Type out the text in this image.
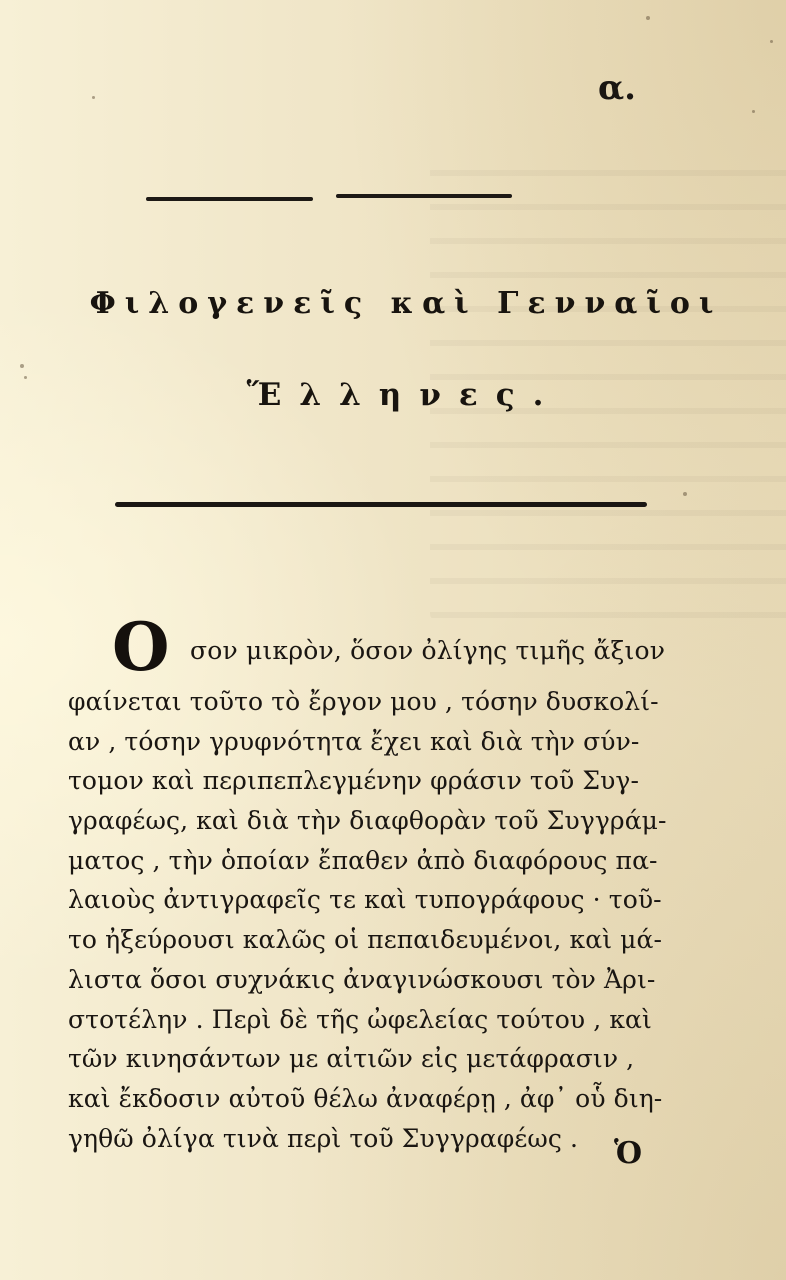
α.
Φιλογενεῖς καὶ Γενναῖοι
Ἕλληνες.
Ο σον μικρὸν, ὅσον ὀλίγης τιμῆς ἄξιον
φαίνεται τοῦτο τὸ ἔργον μου , τόσην δυσκολί-
αν , τόσην γρυφνότητα ἔχει καὶ διὰ τὴν σύν-
τομον καὶ περιπεπλεγμένην φράσιν τοῦ Συγ-
γραφέως, καὶ διὰ τὴν διαφθορὰν τοῦ Συγγράμ-
ματος , τὴν ὁποίαν ἔπαθεν ἀπὸ διαφόρους πα-
λαιοὺς ἀντιγραφεῖς τε καὶ τυπογράφους · τοῦ-
το ἠξεύρουσι καλῶς οἱ πεπαιδευμένοι, καὶ μά-
λιστα ὅσοι συχνάκις ἀναγινώσκουσι τὸν Ἀρι-
στοτέλην . Περὶ δὲ τῆς ὠφελείας τούτου , καὶ
τῶν κινησάντων με αἰτιῶν εἰς μετάφρασιν ,
καὶ ἔκδοσιν αὐτοῦ θέλω ἀναφέρῃ , ἀφ᾽ οὗ διη-
γηθῶ ὀλίγα τινὰ περὶ τοῦ Συγγραφέως .	Ὁ
